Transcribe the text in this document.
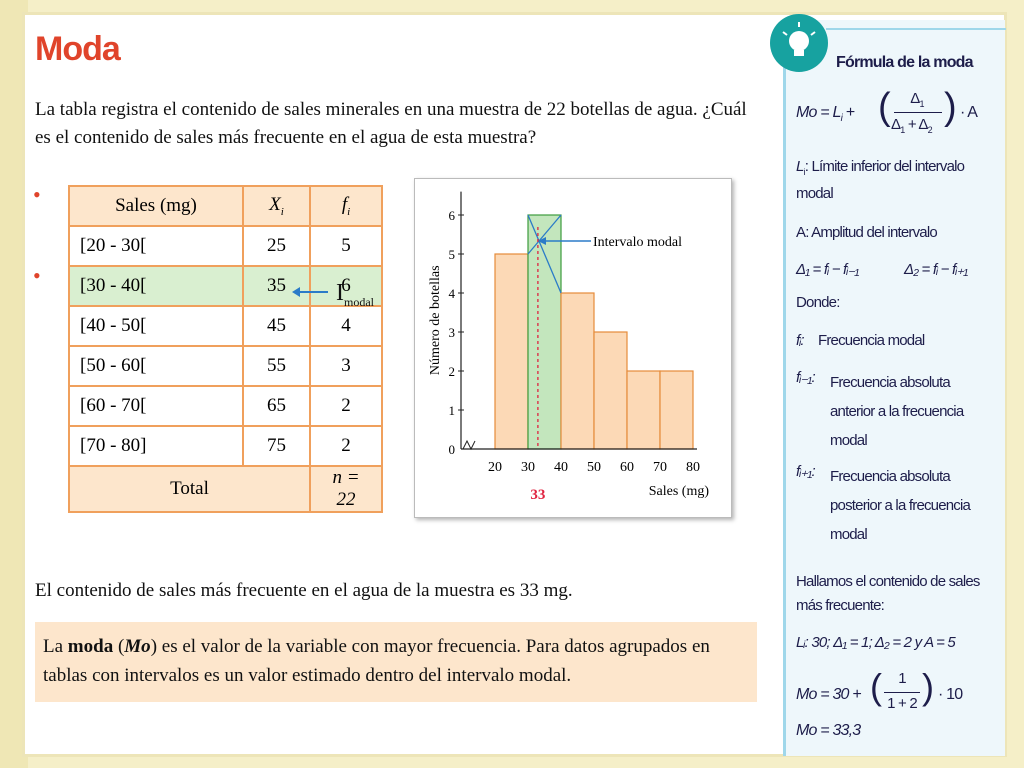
Moda
La tabla registra el contenido de sales minerales en una muestra de 22 botellas de agua. ¿Cuál es el contenido de sales más frecuente en el agua de esta muestra?
•
•
Sales (mg)	$X_i$	$f_i$
[20 - 30[	25	5
[30 - 40[	35	6
[40 - 50[	45	4
[50 - 60[	55	3
[60 - 70[	65	2
[70 - 80]	75	2
Total		n = 22
$I_{modal}$
0
1
2
3
4
5
6
20 30 40 50 60 70 80
33	Sales (mg)
Número de botellas
Intervalo modal
El contenido de sales más frecuente en el agua de la muestra es 33 mg.
La moda (Mo) es el valor de la variable con mayor frecuencia. Para datos agrupados en tablas con intervalos es un valor estimado dentro del intervalo modal.
Fórmula de la moda
$Mo = L_i$ + (	$\Delta_1$
$\Delta_1 + \Delta_2$
) · A
$L_i$: Límite inferior del intervalo modal
A: Amplitud del intervalo
Δ₁ = fᵢ − fᵢ₋₁	Δ₂ = fᵢ − fᵢ₊₁
Donde:
fᵢ: Frecuencia modal
fᵢ₋₁: Frecuencia absoluta anterior a la frecuencia modal
fᵢ₊₁: Frecuencia absoluta posterior a la frecuencia modal
Hallamos el contenido de sales más frecuente:
Lᵢ: 30; Δ₁ = 1; Δ₂ = 2 y A = 5
Mo = 30 + (	1
1 + 2 ) · 10
Mo = 33,3
